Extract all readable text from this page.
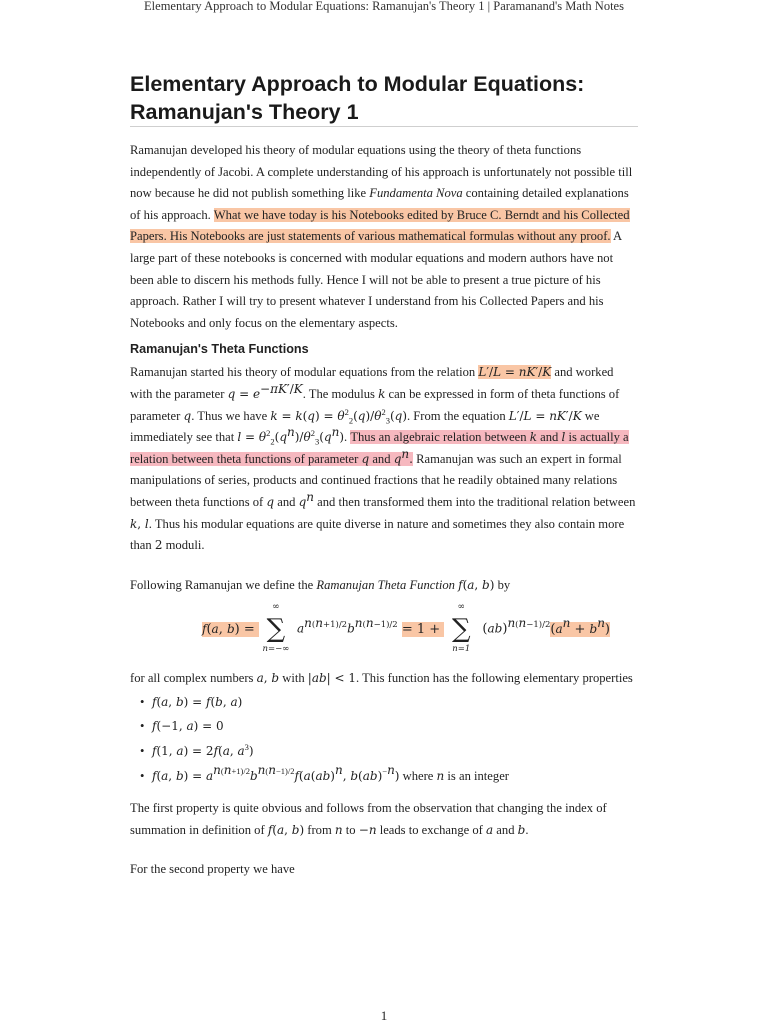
Elementary Approach to Modular Equations: Ramanujan's Theory 1 | Paramanand's Math Notes
Elementary Approach to Modular Equations:
Ramanujan's Theory 1

Ramanujan developed his theory of modular equations using the theory of theta functions independently of Jacobi. A complete understanding of his approach is unfortunately not possible till now because he did not publish something like Fundamenta Nova containing detailed explanations of his approach. What we have today is his Notebooks edited by Bruce C. Berndt and his Collected Papers. His Notebooks are just statements of various mathematical formulas without any proof. A large part of these notebooks is concerned with modular equations and modern authors have not been able to discern his methods fully. Hence I will not be able to present a true picture of his approach. Rather I will try to present whatever I understand from his Collected Papers and his Notebooks and only focus on the elementary aspects.

Ramanujan's Theta Functions

Ramanujan started his theory of modular equations from the relation L′/L = nK′/K and worked with the parameter $q = e^{-\pi K'/K}$. The modulus k can be expressed in form of theta functions of parameter q. Thus we have $k = k(q) = \theta^2_2(q)/\theta^2_3(q)$. From the equation L′/L = nK′/K we immediately see that $l = \theta^2_2(q^n)/\theta^2_3(q^n)$. Thus an algebraic relation between k and l is actually a relation between theta functions of parameter q and $q^n$. Ramanujan was such an expert in formal manipulations of series, products and continued fractions that he readily obtained many relations between theta functions of q and $q^n$ and then transformed them into the traditional relation between k, l. Thus his modular equations are quite diverse in nature and sometimes they also contain more than 2 moduli.

Following Ramanujan we define the Ramanujan Theta Function f(a, b) by

f(a, b) =
∞
∑
n=−∞
$a^{n(n+1)/2}b^{n(n-1)/2} = 1$ +
∞
∑
n=1
$(ab)^{n(n-1)/2}(a^n + b^n)$

for all complex numbers a, b with |ab| < 1. This function has the following elementary properties

• f(a, b) = f(b, a)
• f(−1, a) = 0
• f(1, a) = 2f(a, $a^3$)
• f(a, $b) = a^{n(n+1)/2}b^{n(n-1)/2}f(a(ab)^n$, b(ab)$^{-n}$) where n is an integer

The first property is quite obvious and follows from the observation that changing the index of summation in definition of f(a, b) from n to −n leads to exchange of a and b.

For the second property we have

1
